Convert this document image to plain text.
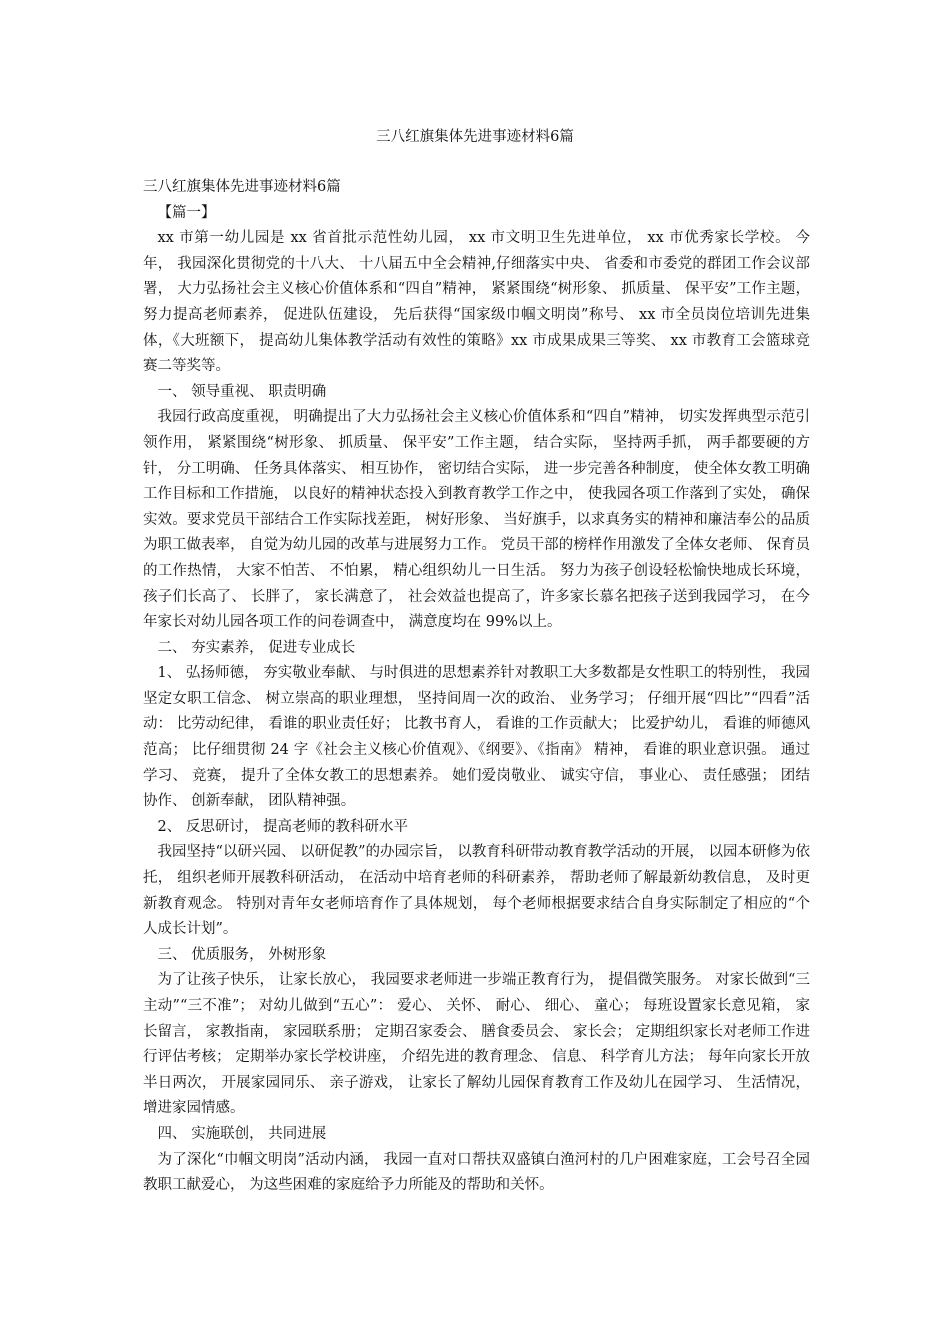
三八红旗集体先进事迹材料6篇

三八红旗集体先进事迹材料6篇

【篇一】

xx 市第一幼儿园是 xx 省首批示范性幼儿园， xx 市文明卫生先进单位， xx 市优秀家长学校。 今年， 我园深化贯彻党的十八大、 十八届五中全会精神,仔细落实中央、 省委和市委党的群团工作会议部署， 大力弘扬社会主义核心价值体系和“四自”精神， 紧紧围绕“树形象、 抓质量、 保平安”工作主题， 努力提高老师素养， 促进队伍建设， 先后获得“国家级巾帼文明岗”称号、 xx 市全员岗位培训先进集体，《大班额下， 提高幼儿集体教学活动有效性的策略》xx 市成果成果三等奖、 xx 市教育工会篮球竞赛二等奖等。

一、 领导重视、 职责明确

我园行政高度重视， 明确提出了大力弘扬社会主义核心价值体系和“四自”精神， 切实发挥典型示范引领作用， 紧紧围绕“树形象、 抓质量、 保平安”工作主题， 结合实际， 坚持两手抓， 两手都要硬的方针， 分工明确、 任务具体落实、 相互协作， 密切结合实际， 进一步完善各种制度， 使全体女教工明确工作目标和工作措施， 以良好的精神状态投入到教育教学工作之中， 使我园各项工作落到了实处， 确保实效。要求党员干部结合工作实际找差距， 树好形象、 当好旗手，以求真务实的精神和廉洁奉公的品质为职工做表率， 自觉为幼儿园的改革与进展努力工作。 党员干部的榜样作用激发了全体女老师、 保育员的工作热情， 大家不怕苦、 不怕累， 精心组织幼儿一日生活。 努力为孩子创设轻松愉快地成长环境，孩子们长高了、 长胖了， 家长满意了， 社会效益也提高了，许多家长慕名把孩子送到我园学习， 在今年家长对幼儿园各项工作的问卷调查中， 满意度均在 99%以上。

二、 夯实素养， 促进专业成长

1、 弘扬师德， 夯实敬业奉献、 与时俱进的思想素养针对教职工大多数都是女性职工的特别性， 我园坚定女职工信念、 树立崇高的职业理想， 坚持间周一次的政治、 业务学习； 仔细开展“四比”“四看”活动： 比劳动纪律， 看谁的职业责任好； 比教书育人， 看谁的工作贡献大； 比爱护幼儿， 看谁的师德风范高； 比仔细贯彻 24 字《社会主义核心价值观》、《纲要》、《指南》 精神， 看谁的职业意识强。 通过学习、 竞赛， 提升了全体女教工的思想素养。 她们爱岗敬业、 诚实守信， 事业心、 责任感强； 团结协作、 创新奉献， 团队精神强。

2、 反思研讨， 提高老师的教科研水平

我园坚持“以研兴园、 以研促教”的办园宗旨， 以教育科研带动教育教学活动的开展， 以园本研修为依托， 组织老师开展教科研活动， 在活动中培育老师的科研素养， 帮助老师了解最新幼教信息， 及时更新教育观念。 特别对青年女老师培育作了具体规划， 每个老师根据要求结合自身实际制定了相应的“个人成长计划”。

三、 优质服务， 外树形象

为了让孩子快乐， 让家长放心， 我园要求老师进一步端正教育行为， 提倡微笑服务。 对家长做到“三主动”“三不准”； 对幼儿做到“五心”： 爱心、 关怀、 耐心、 细心、 童心； 每班设置家长意见箱， 家长留言， 家教指南， 家园联系册； 定期召家委会、 膳食委员会、 家长会； 定期组织家长对老师工作进行评估考核； 定期举办家长学校讲座， 介绍先进的教育理念、 信息、 科学育儿方法； 每年向家长开放半日两次， 开展家园同乐、 亲子游戏， 让家长了解幼儿园保育教育工作及幼儿在园学习、 生活情况， 增进家园情感。

四、 实施联创， 共同进展

为了深化“巾帼文明岗”活动内涵， 我园一直对口帮扶双盛镇白渔河村的几户困难家庭，工会号召全园教职工献爱心， 为这些困难的家庭给予力所能及的帮助和关怀。
